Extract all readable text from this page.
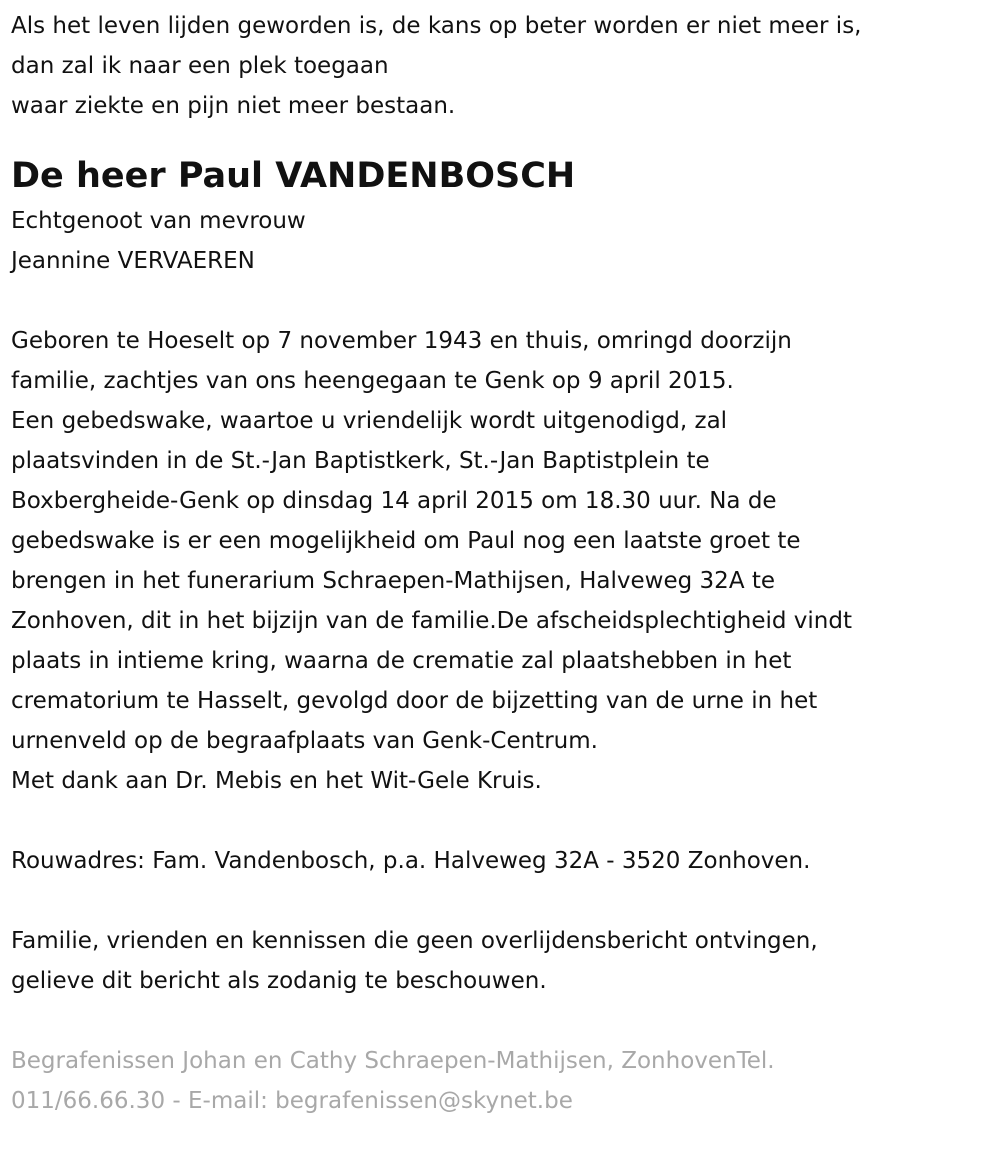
Als het leven lijden geworden is, de kans op beter worden er niet meer is,
dan zal ik naar een plek toegaan
waar ziekte en pijn niet meer bestaan.
De heer Paul VANDENBOSCH
Echtgenoot van mevrouw
Jeannine VERVAEREN
Geboren te Hoeselt op 7 november 1943 en thuis, omringd doorzijn
familie, zachtjes van ons heengegaan te Genk op 9 april 2015.
Een gebedswake, waartoe u vriendelijk wordt uitgenodigd, zal
plaatsvinden in de St.-Jan Baptistkerk, St.-Jan Baptistplein te
Boxbergheide-Genk op dinsdag 14 april 2015 om 18.30 uur. Na de
gebedswake is er een mogelijkheid om Paul nog een laatste groet te
brengen in het funerarium Schraepen-Mathijsen, Halveweg 32A te
Zonhoven, dit in het bijzijn van de familie.De afscheidsplechtigheid vindt
plaats in intieme kring, waarna de crematie zal plaatshebben in het
crematorium te Hasselt, gevolgd door de bijzetting van de urne in het
urnenveld op de begraafplaats van Genk-Centrum.
Met dank aan Dr. Mebis en het Wit-Gele Kruis.
Rouwadres: Fam. Vandenbosch, p.a. Halveweg 32A - 3520 Zonhoven.
Familie, vrienden en kennissen die geen overlijdensbericht ontvingen,
gelieve dit bericht als zodanig te beschouwen.
Begrafenissen Johan en Cathy Schraepen-Mathijsen, ZonhovenTel.
011/66.66.30 - E-mail: begrafenissen@skynet.be
